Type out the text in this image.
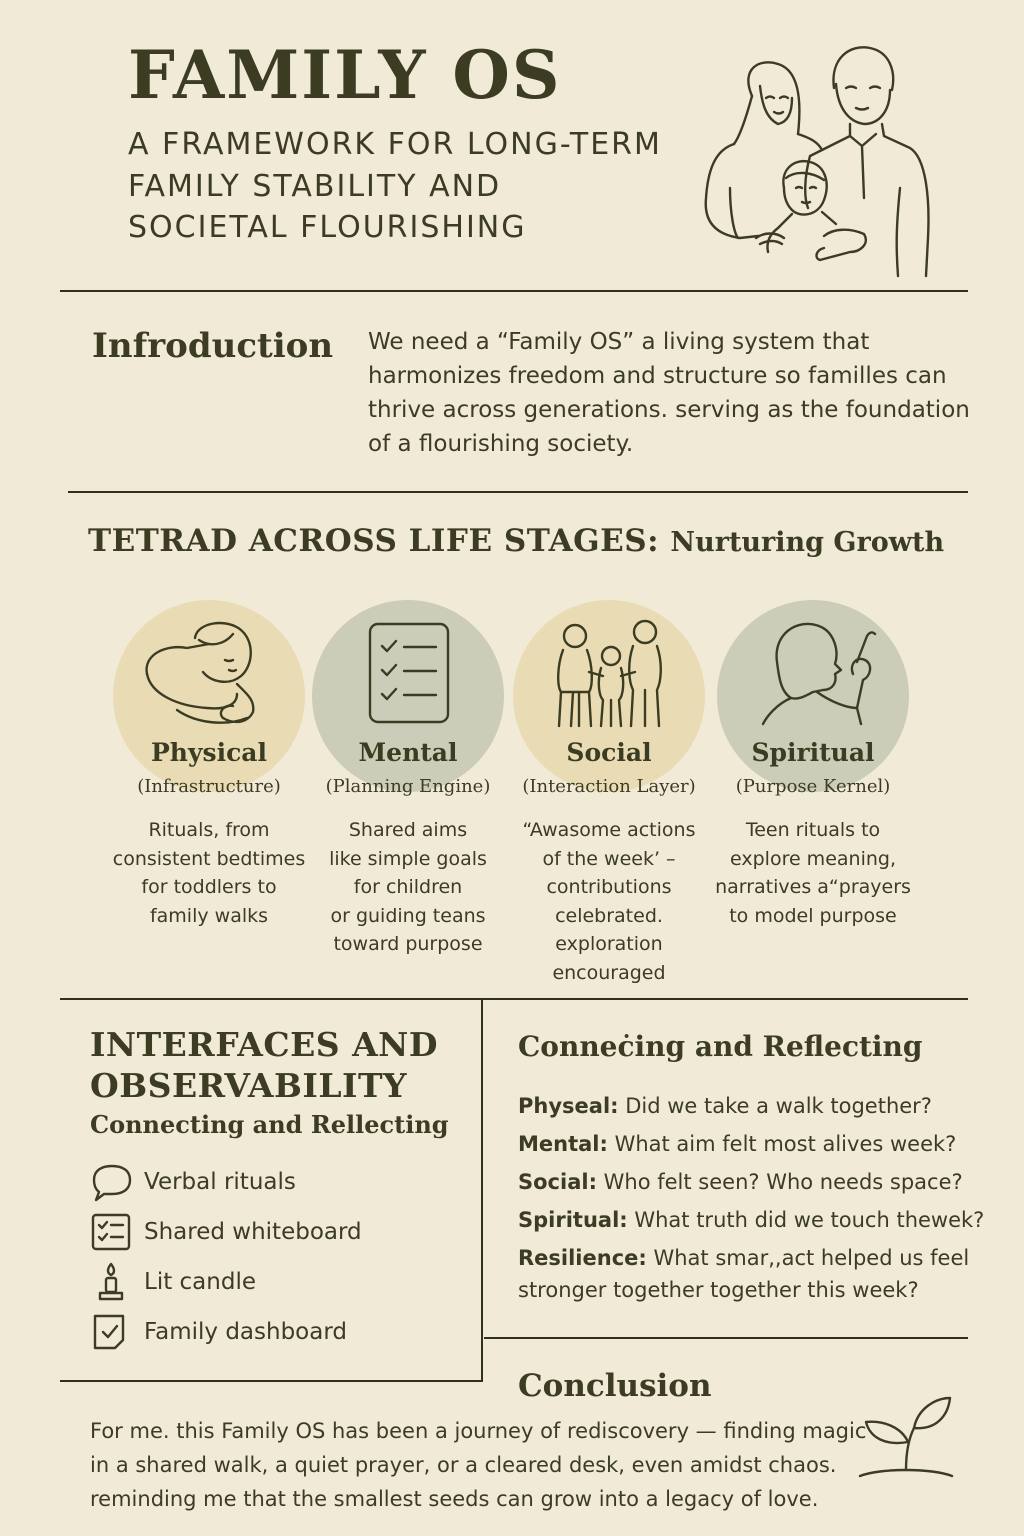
FAMILY OS
A FRAMEWORK FOR LONG-TERM
FAMILY STABILITY AND
SOCIETAL FLOURISHING
Infroduction We need a “Family OS” a living system that harmonizes freedom and structure so familles can thrive across generations. serving as the foundation of a flourishing society.
TETRAD ACROSS LIFE STAGES: Nurturing Growth
Physical
(Infrastructure)
Rituals, from
consistent bedtimes
for toddlers to
family walks
Mental
(Planning Engine)
Shared aims
like simple goals
for children
or guiding teans
toward purpose
Social
(Interaction Layer)
“Awasome actions
of the week’ –
contributions
celebrated.
exploration
encouraged
Spiritual
(Purpose Kernel)
Teen rituals to
explore meaning,
narratives a“prayers
to model purpose
INTERFACES AND
OBSERVABILITY
Connecting and Rellecting
Verbal rituals
Shared whiteboard
Lit candle
Family dashboard
Conneċing and Reflecting
Physeal: Did we take a walk together?
Mental: What aim felt most alives week?
Social: Who felt seen? Who needs space?
Spiritual: What truth did we touch thewek?
Resilience: What smar,,act helped us feel stronger together together this week?
Conclusion
For me. this Family OS has been a journey of rediscovery — finding magic
in a shared walk, a quiet prayer, or a cleared desk, even amidst chaos.
reminding me that the smallest seeds can grow into a legacy of love.
